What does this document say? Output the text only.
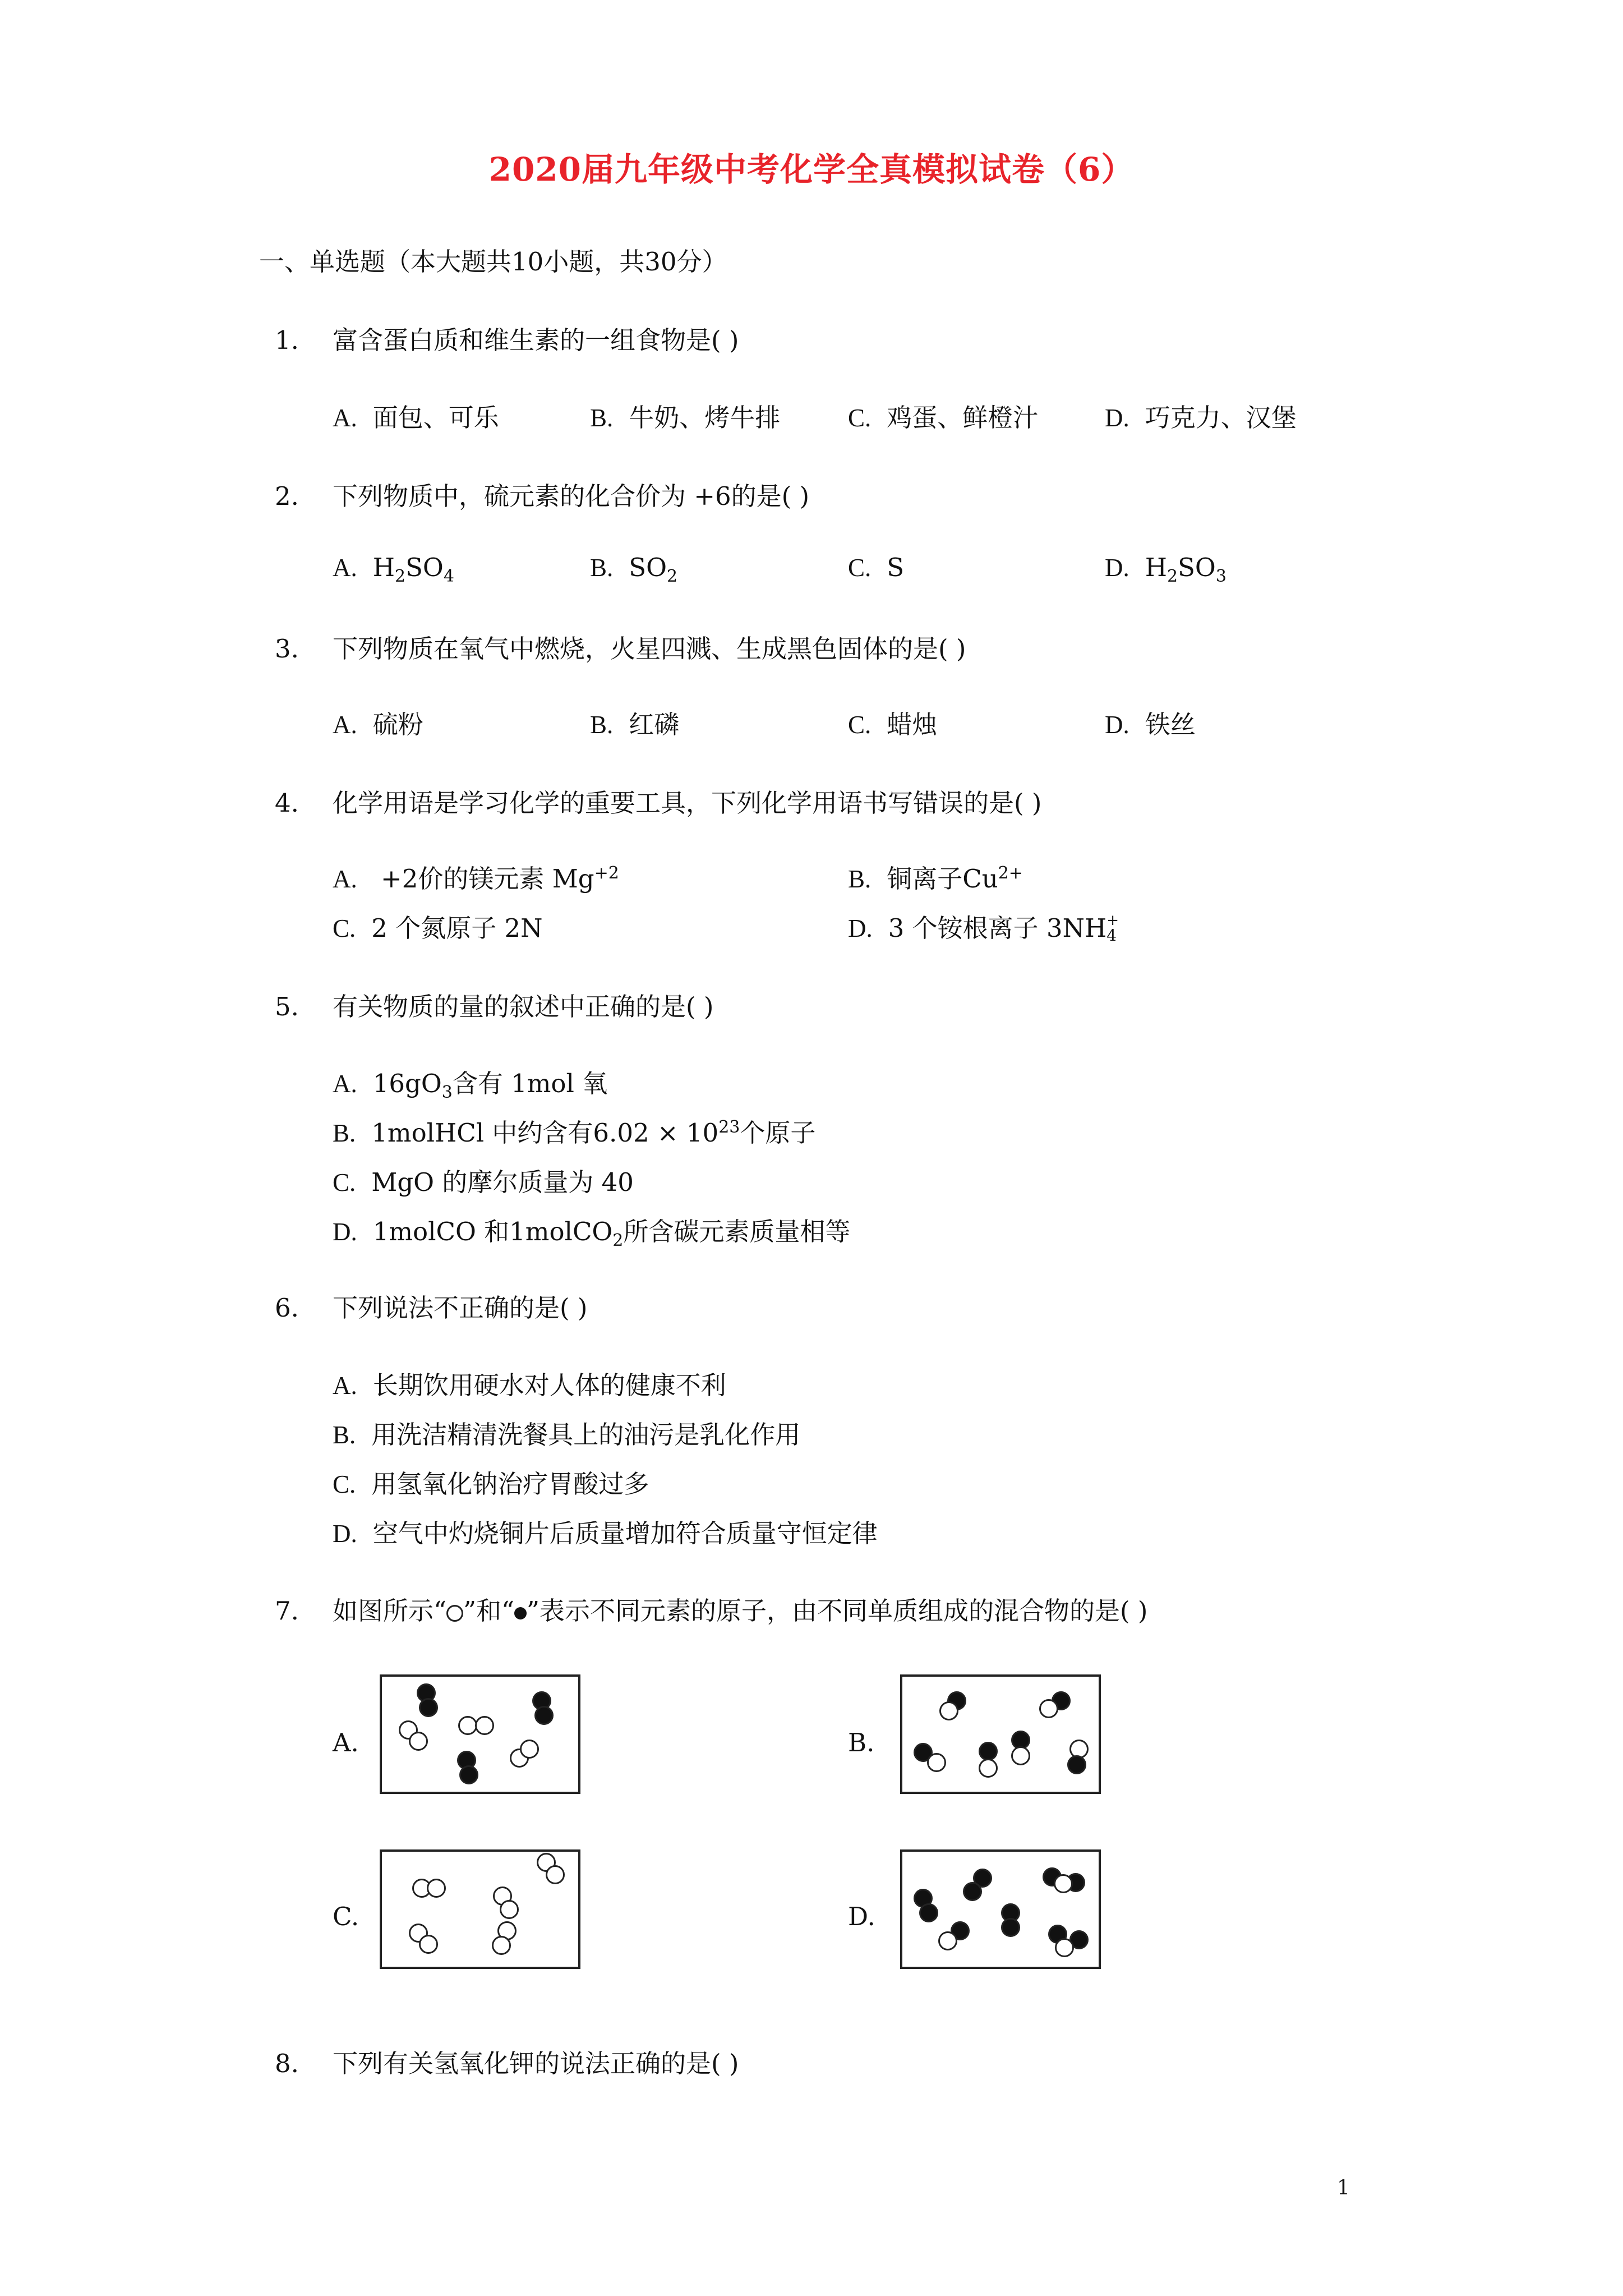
2020届九年级中考化学全真模拟试卷（6）
一、单选题（本大题共10小题，共30分）
1. 富含蛋白质和维生素的一组食物是( )
A. 面包、可乐	B. 牛奶、烤牛排	C. 鸡蛋、鲜橙汁	D. 巧克力、汉堡
2. 下列物质中，硫元素的化合价为 +6的是( )
A. $H_2SO_4$	B. $SO_2$	C. S	D. $H_2SO_3$
3. 下列物质在氧气中燃烧，火星四溅、生成黑色固体的是( )
A. 硫粉	B. 红磷	C. 蜡烛	D. 铁丝
4. 化学用语是学习化学的重要工具，下列化学用语书写错误的是( )
A. +2价的镁元素 $Mg^{+2}$	B. 铜离子$Cu^{2+}$
C. 2 个氮原子 2N	D. 3 个铵根离子 3NH +
4
5. 有关物质的量的叙述中正确的是( )
A. $16gO_3$含有 1mol 氧
B. 1molHCl 中约含有$6.02 \times 10^{23}$个原子
C. MgO 的摩尔质量为 40
D. 1molCO 和1molCO$_2$所含碳元素质量相等
6. 下列说法不正确的是( )
A. 长期饮用硬水对人体的健康不利
B. 用洗洁精清洗餐具上的油污是乳化作用
C. 用氢氧化钠治疗胃酸过多
D. 空气中灼烧铜片后质量增加符合质量守恒定律
7. 如图所示“ ”和“ ”表示不同元素的原子，由不同单质组成的混合物的是( )
A.	B.
C.	D.
8. 下列有关氢氧化钾的说法正确的是( )
1
